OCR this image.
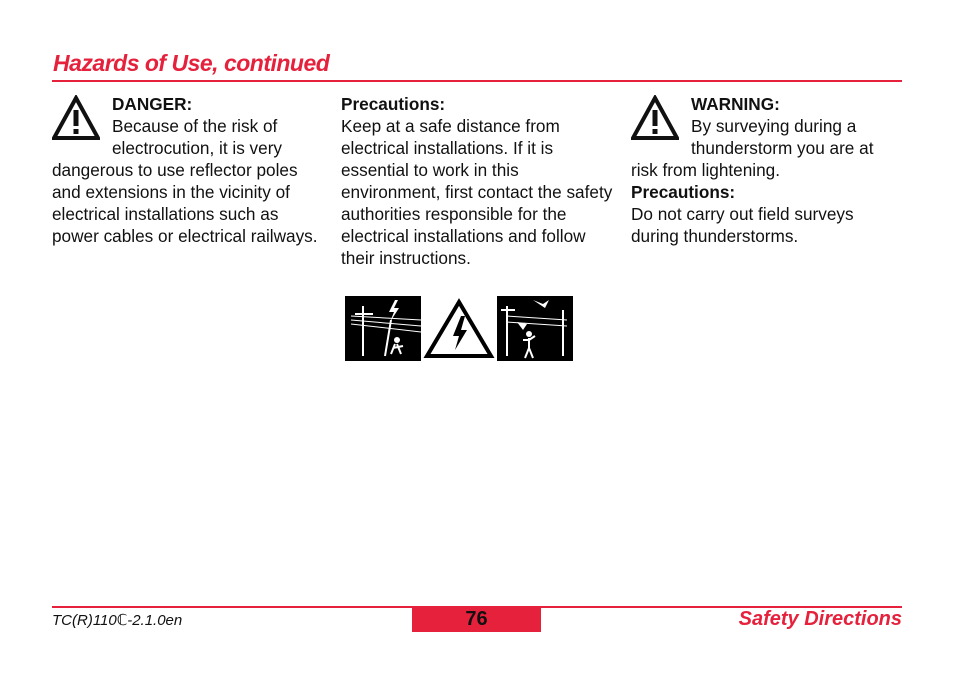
Hazards of Use, continued
DANGER:

Because of the risk of electrocution, it is very dangerous to use reflector poles and extensions in the vicinity of electrical installations such as power cables or electrical railways.

Precautions:

Keep at a safe distance from electrical installations. If it is essential to work in this environment, first contact the safety authorities responsible for the electrical installations and follow their instructions.

WARNING:

By surveying during a thunderstorm you are at risk from lightening.

Precautions:

Do not carry out field surveys during thunderstorms.

TC(R)110ℂ-2.1.0en	76	Safety Directions
